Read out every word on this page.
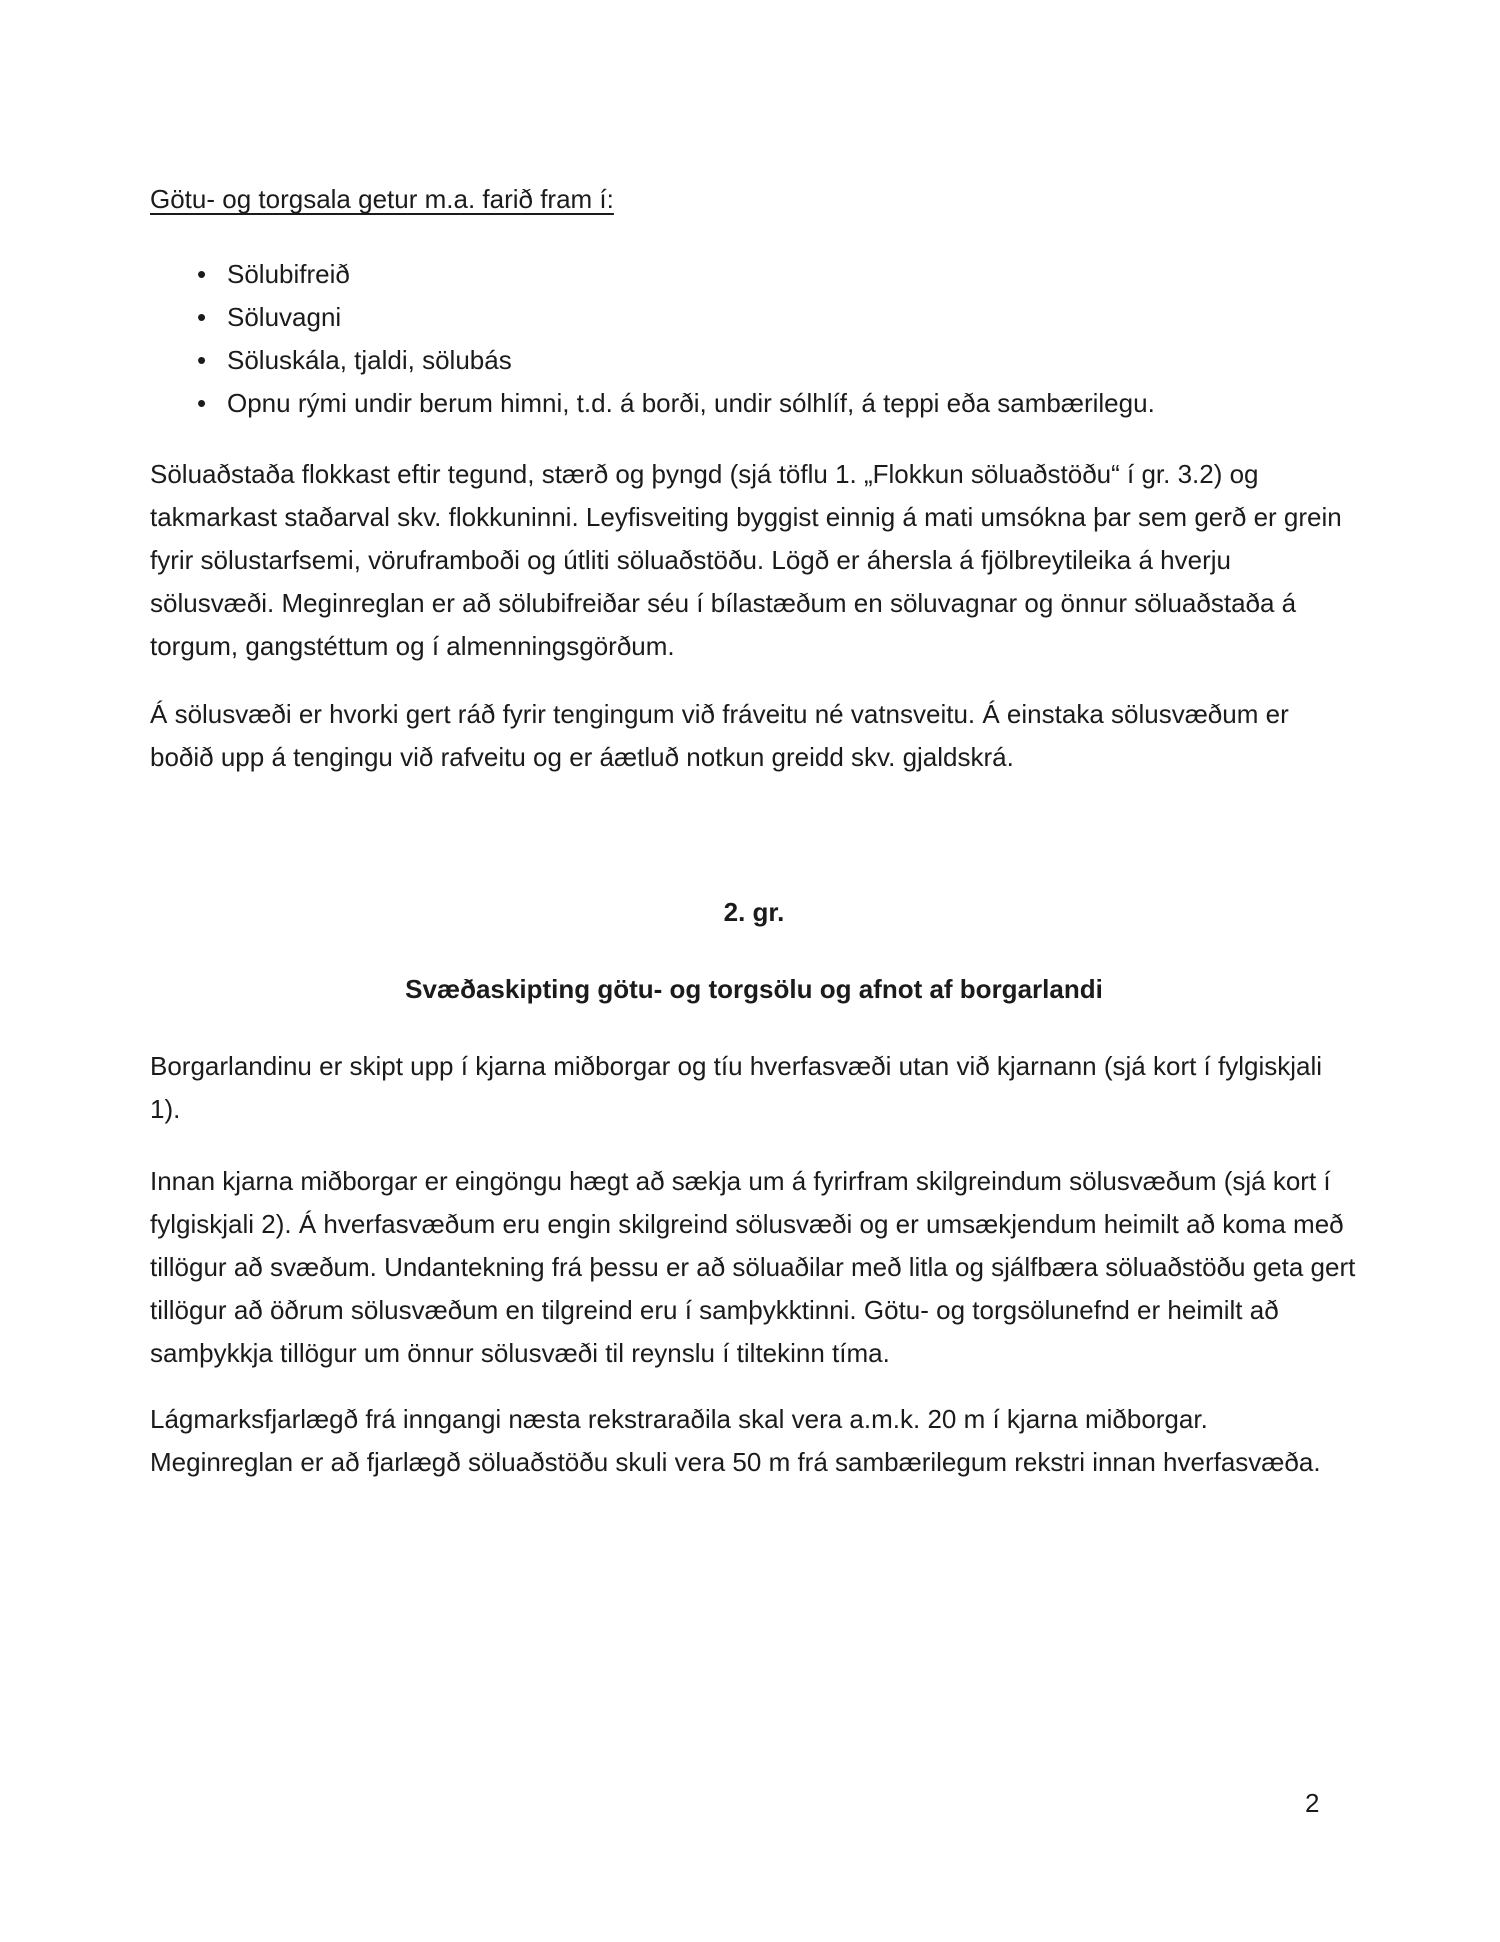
Götu- og torgsala getur m.a. farið fram í:

• Sölubifreið
• Söluvagni
• Söluskála, tjaldi, sölubás
• Opnu rými undir berum himni, t.d. á borði, undir sólhlíf, á teppi eða sambærilegu.

Söluaðstaða flokkast eftir tegund, stærð og þyngd (sjá töflu 1. „Flokkun söluaðstöðu“ í gr. 3.2) og takmarkast staðarval skv. flokkuninni. Leyfisveiting byggist einnig á mati umsókna þar sem gerð er grein fyrir sölustarfsemi, vöruframboði og útliti söluaðstöðu. Lögð er áhersla á fjölbreytileika á hverju sölusvæði. Meginreglan er að sölubifreiðar séu í bílastæðum en söluvagnar og önnur söluaðstaða á torgum, gangstéttum og í almenningsgörðum.

Á sölusvæði er hvorki gert ráð fyrir tengingum við fráveitu né vatnsveitu. Á einstaka sölusvæðum er boðið upp á tengingu við rafveitu og er áætluð notkun greidd skv. gjaldskrá.

2. gr.
Svæðaskipting götu- og torgsölu og afnot af borgarlandi

Borgarlandinu er skipt upp í kjarna miðborgar og tíu hverfasvæði utan við kjarnann (sjá kort í fylgiskjali 1).

Innan kjarna miðborgar er eingöngu hægt að sækja um á fyrirfram skilgreindum sölusvæðum (sjá kort í fylgiskjali 2). Á hverfasvæðum eru engin skilgreind sölusvæði og er umsækjendum heimilt að koma með tillögur að svæðum. Undantekning frá þessu er að söluaðilar með litla og sjálfbæra söluaðstöðu geta gert tillögur að öðrum sölusvæðum en tilgreind eru í samþykktinni. Götu- og torgsölunefnd er heimilt að samþykkja tillögur um önnur sölusvæði til reynslu í tiltekinn tíma.

Lágmarksfjarlægð frá inngangi næsta rekstraraðila skal vera a.m.k. 20 m í kjarna miðborgar. Meginreglan er að fjarlægð söluaðstöðu skuli vera 50 m frá sambærilegum rekstri innan hverfasvæða.

2
